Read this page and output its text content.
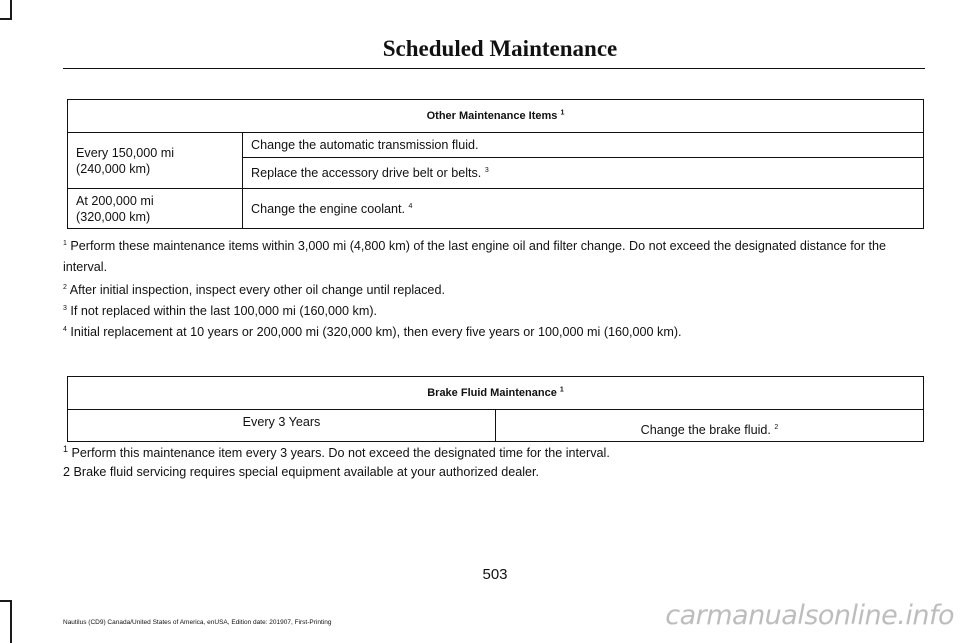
Scheduled Maintenance
Other Maintenance Items $^1$
Every 150,000 mi
(240,000 km)	Change the automatic transmission fluid.
	Replace the accessory drive belt or belts. $^3$
At 200,000 mi
(320,000 km)	Change the engine coolant. $^4$
$^1$ Perform these maintenance items within 3,000 mi (4,800 km) of the last engine oil and filter change. Do not exceed the designated distance for the interval.
$^2$ After initial inspection, inspect every other oil change until replaced.
$^3$ If not replaced within the last 100,000 mi (160,000 km).
$^4$ Initial replacement at 10 years or 200,000 mi (320,000 km), then every five years or 100,000 mi (160,000 km).
Brake Fluid Maintenance $^1$
Every 3 Years	Change the brake fluid. $^2$
$^1$ Perform this maintenance item every 3 years. Do not exceed the designated time for the interval.
2 Brake fluid servicing requires special equipment available at your authorized dealer.
503
Nautilus (CD9) Canada/United States of America, enUSA, Edition date: 201907, First-Printing	carmanualsonline.info
